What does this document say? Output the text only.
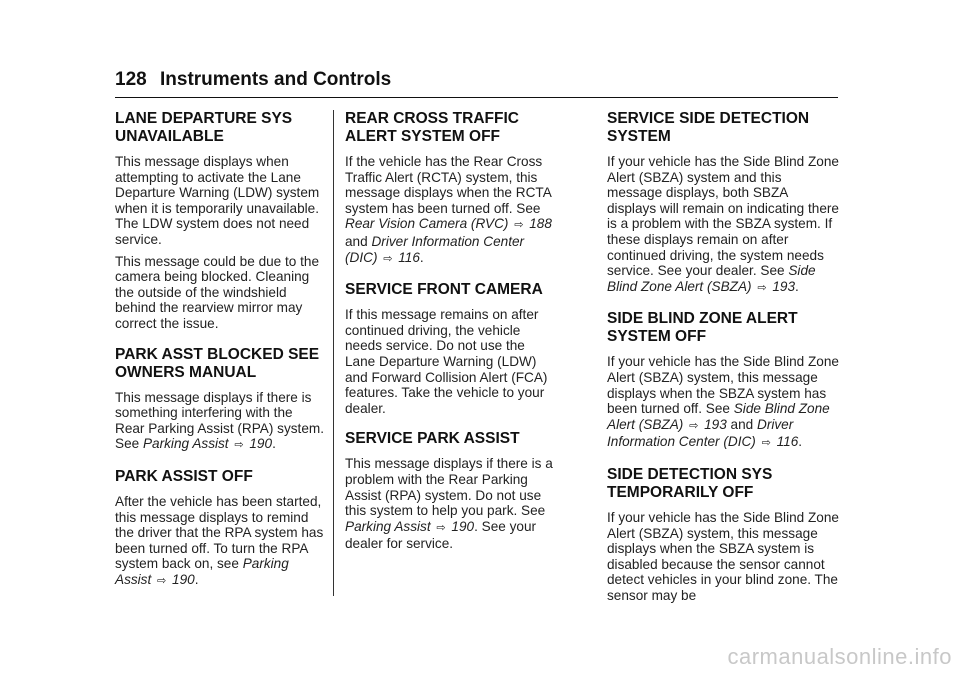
128 Instruments and Controls
LANE DEPARTURE SYS UNAVAILABLE

This message displays when attempting to activate the Lane Departure Warning (LDW) system when it is temporarily unavailable. The LDW system does not need service.

This message could be due to the camera being blocked. Cleaning the outside of the windshield behind the rearview mirror may correct the issue.

PARK ASST BLOCKED SEE OWNERS MANUAL

This message displays if there is something interfering with the Rear Parking Assist (RPA) system. See Parking Assist ⇨ 190.

PARK ASSIST OFF

After the vehicle has been started, this message displays to remind the driver that the RPA system has been turned off. To turn the RPA system back on, see Parking Assist ⇨ 190.

REAR CROSS TRAFFIC ALERT SYSTEM OFF

If the vehicle has the Rear Cross Traffic Alert (RCTA) system, this message displays when the RCTA system has been turned off. See Rear Vision Camera (RVC) ⇨ 188 and Driver Information Center (DIC) ⇨ 116.

SERVICE FRONT CAMERA

If this message remains on after continued driving, the vehicle needs service. Do not use the Lane Departure Warning (LDW) and Forward Collision Alert (FCA) features. Take the vehicle to your dealer.

SERVICE PARK ASSIST

This message displays if there is a problem with the Rear Parking Assist (RPA) system. Do not use this system to help you park. See Parking Assist ⇨ 190. See your dealer for service.

SERVICE SIDE DETECTION SYSTEM

If your vehicle has the Side Blind Zone Alert (SBZA) system and this message displays, both SBZA displays will remain on indicating there is a problem with the SBZA system. If these displays remain on after continued driving, the system needs service. See your dealer. See Side Blind Zone Alert (SBZA) ⇨ 193.

SIDE BLIND ZONE ALERT SYSTEM OFF

If your vehicle has the Side Blind Zone Alert (SBZA) system, this message displays when the SBZA system has been turned off. See Side Blind Zone Alert (SBZA) ⇨ 193 and Driver Information Center (DIC) ⇨ 116.

SIDE DETECTION SYS TEMPORARILY OFF

If your vehicle has the Side Blind Zone Alert (SBZA) system, this message displays when the SBZA system is disabled because the sensor cannot detect vehicles in your blind zone. The sensor may be

carmanualsonline.info
